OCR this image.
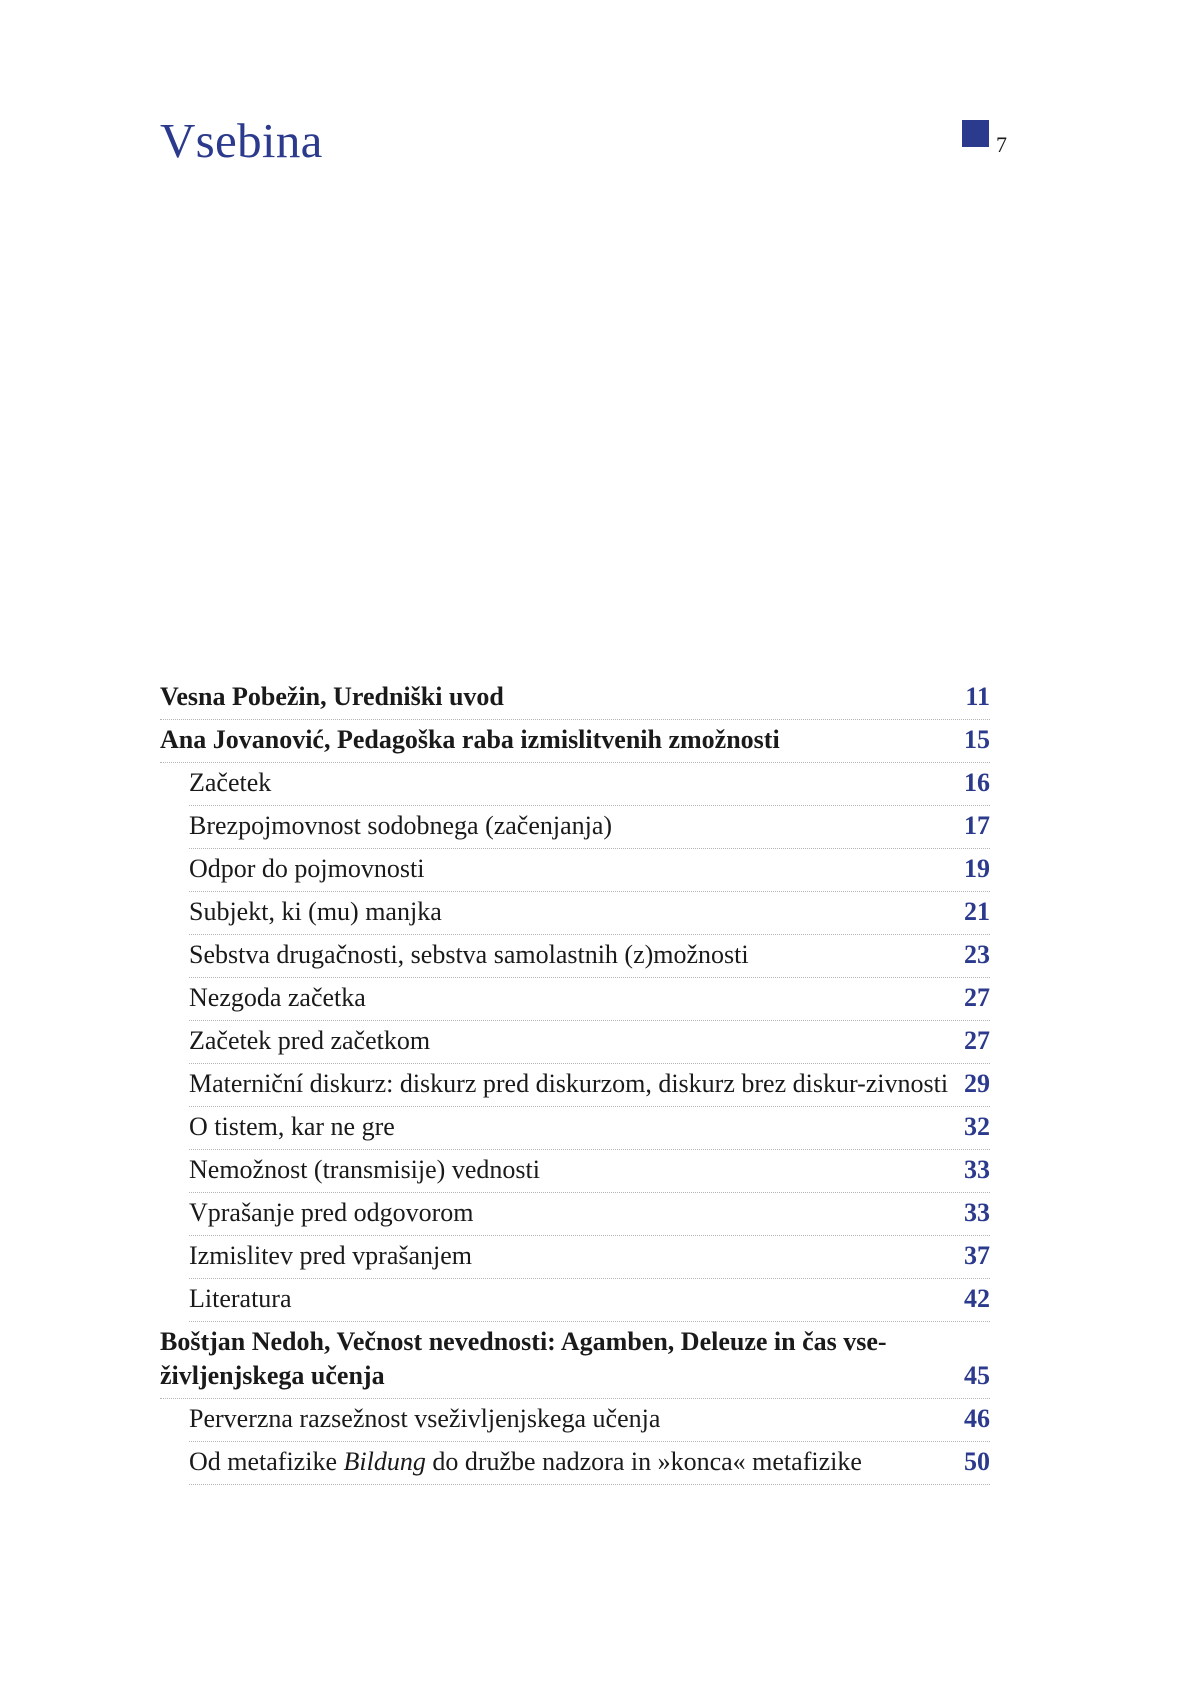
Vsebina	7
Vesna Pobežin, Uredniški uvod	11
Ana Jovanović, Pedagoška raba izmislitvenih zmožnosti	15
Začetek	16
Brezpojmovnost sodobnega (začenjanja)	17
Odpor do pojmovnosti	19
Subjekt, ki (mu) manjka	21
Sebstva drugačnosti, sebstva samolastnih (z)možnosti	23
Nezgoda začetka	27
Začetek pred začetkom	27
Materniční diskurz: diskurz pred diskurzom, diskurz brez diskur-zivnosti 29
O tistem, kar ne gre	32
Nemožnost (transmisije) vednosti	33
Vprašanje pred odgovorom	33
Izmislitev pred vprašanjem	37
Literatura	42
Boštjan Nedoh, Večnost nevednosti: Agamben, Deleuze in čas vse-življenjskega učenja	45
Perverzna razsežnost vseživljenjskega učenja	46
Od metafizike Bildung do družbe nadzora in »konca« metafizike	50
